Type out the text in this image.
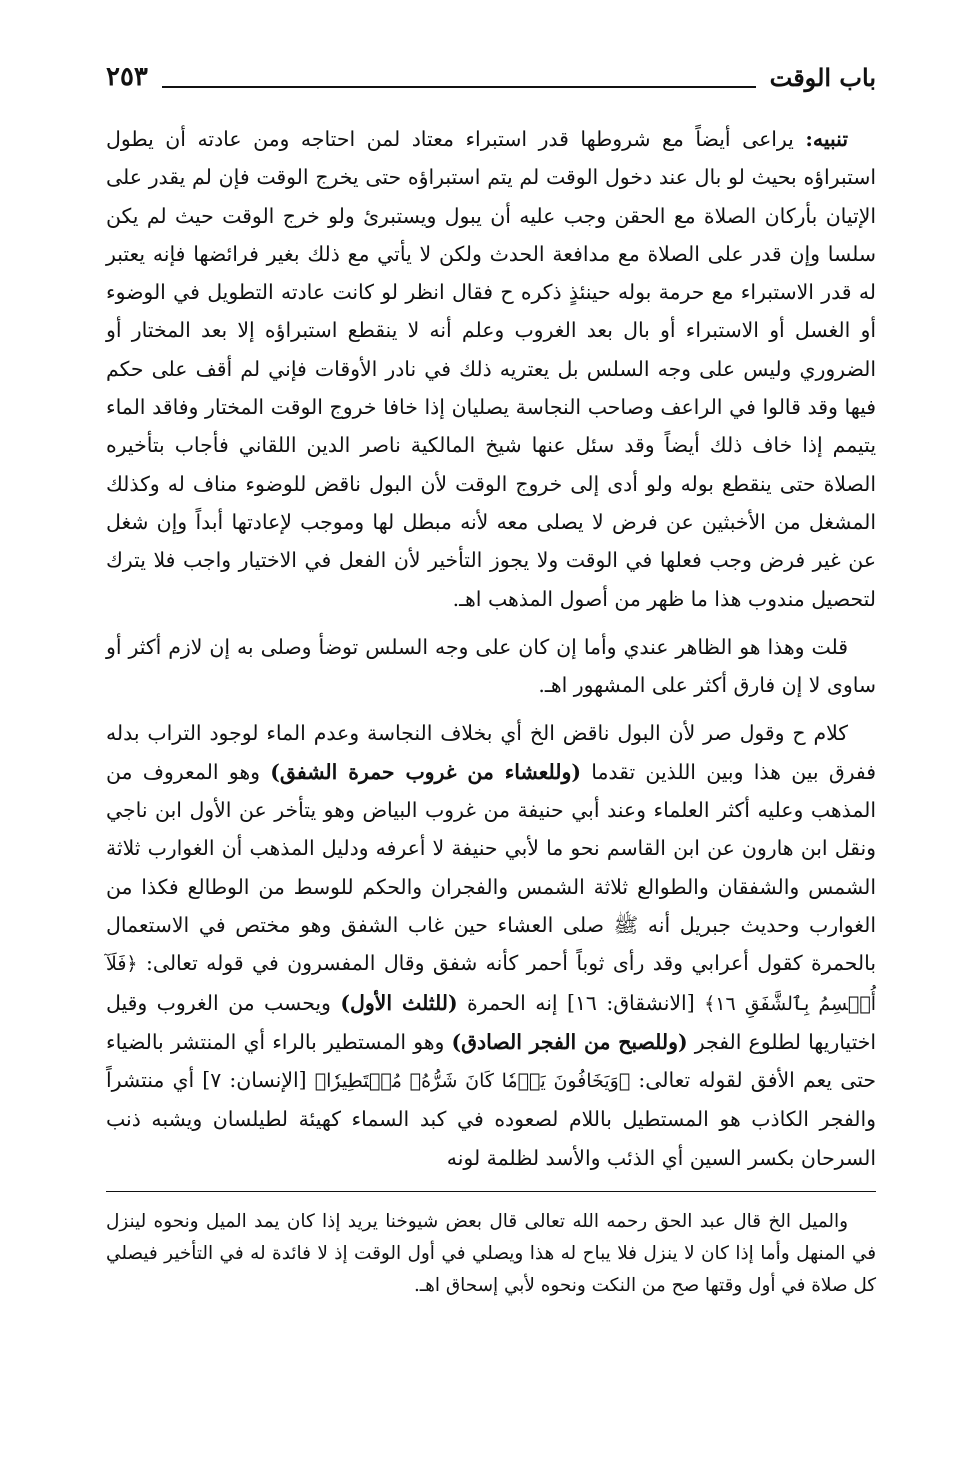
باب الوقت
٢٥٣

تنبيه: يراعى أيضاً مع شروطها قدر استبراء معتاد لمن احتاجه ومن عادته أن يطول استبراؤه بحيث لو بال عند دخول الوقت لم يتم استبراؤه حتى يخرج الوقت فإن لم يقدر على الإتيان بأركان الصلاة مع الحقن وجب عليه أن يبول ويستبرئ ولو خرج الوقت حيث لم يكن سلسا وإن قدر على الصلاة مع مدافعة الحدث ولكن لا يأتي مع ذلك بغير فرائضها فإنه يعتبر له قدر الاستبراء مع حرمة بوله حينئذٍ ذكره ح فقال انظر لو كانت عادته التطويل في الوضوء أو الغسل أو الاستبراء أو بال بعد الغروب وعلم أنه لا ينقطع استبراؤه إلا بعد المختار أو الضروري وليس على وجه السلس بل يعتريه ذلك في نادر الأوقات فإني لم أقف على حكم فيها وقد قالوا في الراعف وصاحب النجاسة يصليان إذا خافا خروج الوقت المختار وفاقد الماء يتيمم إذا خاف ذلك أيضاً وقد سئل عنها شيخ المالكية ناصر الدين اللقاني فأجاب بتأخيره الصلاة حتى ينقطع بوله ولو أدى إلى خروج الوقت لأن البول ناقض للوضوء مناف له وكذلك المشغل من الأخبثين عن فرض لا يصلى معه لأنه مبطل لها وموجب لإعادتها أبداً وإن شغل عن غير فرض وجب فعلها في الوقت ولا يجوز التأخير لأن الفعل في الاختيار واجب فلا يترك لتحصيل مندوب هذا ما ظهر من أصول المذهب اهـ.

قلت وهذا هو الظاهر عندي وأما إن كان على وجه السلس توضأ وصلى به إن لازم أكثر أو ساوى لا إن فارق أكثر على المشهور اهـ.

كلام ح وقول صر لأن البول ناقض الخ أي بخلاف النجاسة وعدم الماء لوجود التراب بدله ففرق بين هذا وبين اللذين تقدما (وللعشاء من غروب حمرة الشفق) وهو المعروف من المذهب وعليه أكثر العلماء وعند أبي حنيفة من غروب البياض وهو يتأخر عن الأول ابن ناجي ونقل ابن هارون عن ابن القاسم نحو ما لأبي حنيفة لا أعرفه ودليل المذهب أن الغوارب ثلاثة الشمس والشفقان والطوالع ثلاثة الشمس والفجران والحكم للوسط من الوطالع فكذا من الغوارب وحديث جبريل أنه ﷺ صلى العشاء حين غاب الشفق وهو مختص في الاستعمال بالحمرة كقول أعرابي وقد رأى ثوباً أحمر كأنه شفق وقال المفسرون في قوله تعالى: ﴿فَلَآ أُقۡسِمُ بِٱلشَّفَقِ ١٦﴾ [الانشقاق: ١٦] إنه الحمرة (للثلث الأول) ويحسب من الغروب وقيل اختياريها لطلوع الفجر (وللصبح من الفجر الصادق) وهو المستطير بالراء أي المنتشر بالضياء حتى يعم الأفق لقوله تعالى: ﴿وَيَخَافُونَ يَوۡمٗا كَانَ شَرُّهُۥ مُسۡتَطِيرٗا﴾ [الإنسان: ٧] أي منتشراً والفجر الكاذب هو المستطيل باللام لصعوده في كبد السماء كهيئة لطيلسان ويشبه ذنب السرحان بكسر السين أي الذئب والأسد لظلمة لونه

والميل الخ قال عبد الحق رحمه الله تعالى قال بعض شيوخنا يريد إذا كان يمد الميل ونحوه لينزل في المنهل وأما إذا كان لا ينزل فلا يباح له هذا ويصلي في أول الوقت إذ لا فائدة له في التأخير فيصلي كل صلاة في أول وقتها صح من النكت ونحوه لأبي إسحاق اهـ.
